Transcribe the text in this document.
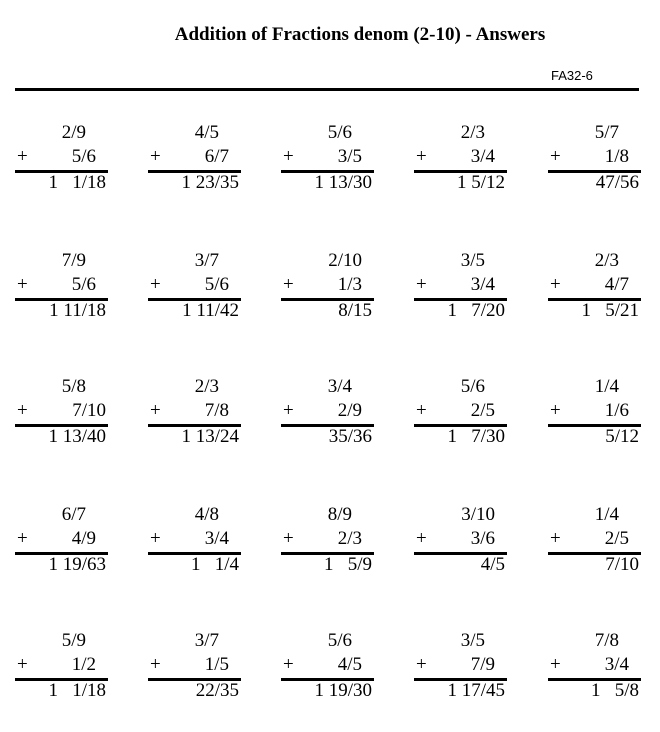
Addition of Fractions denom (2-10) - Answers
FA32-6
2/9
+ 5/6
1   1/18
4/5
+ 6/7
1 23/35
5/6
+ 3/5
1 13/30
2/3
+ 3/4
1 5/12
5/7
+ 1/8
47/56
7/9
+ 5/6
1 11/18
3/7
+ 5/6
1 11/42
2/10
+ 1/3
8/15
3/5
+ 3/4
1   7/20
2/3
+ 4/7
1   5/21
5/8
+ 7/10
1 13/40
2/3
+ 7/8
1 13/24
3/4
+ 2/9
35/36
5/6
+ 2/5
1   7/30
1/4
+ 1/6
5/12
6/7
+ 4/9
1 19/63
4/8
+ 3/4
1   1/4
8/9
+ 2/3
1   5/9
3/10
+ 3/6
4/5
1/4
+ 2/5
7/10
5/9
+ 1/2
1   1/18
3/7
+ 1/5
22/35
5/6
+ 4/5
1 19/30
3/5
+ 7/9
1 17/45
7/8
+ 3/4
1   5/8
